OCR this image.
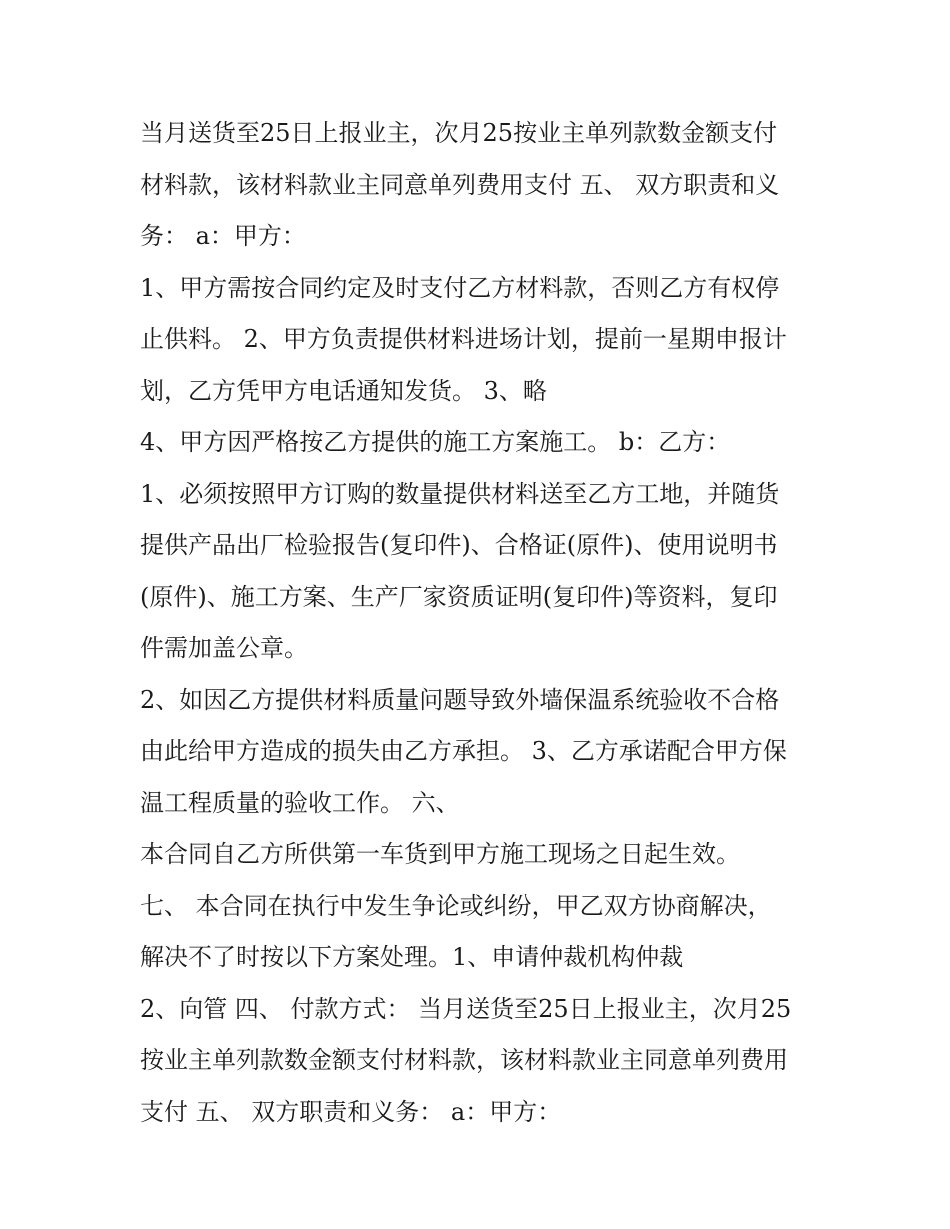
当月送货至25日上报业主，次月25按业主单列款数金额支付
材料款，该材料款业主同意单列费用支付 五、 双方职责和义
务： a：甲方：
1、甲方需按合同约定及时支付乙方材料款，否则乙方有权停
止供料。 2、甲方负责提供材料进场计划，提前一星期申报计
划，乙方凭甲方电话通知发货。 3、略
4、甲方因严格按乙方提供的施工方案施工。 b：乙方：
1、必须按照甲方订购的数量提供材料送至乙方工地，并随货
提供产品出厂检验报告(复印件)、合格证(原件)、使用说明书
(原件)、施工方案、生产厂家资质证明(复印件)等资料，复印
件需加盖公章。
2、如因乙方提供材料质量问题导致外墙保温系统验收不合格
由此给甲方造成的损失由乙方承担。 3、乙方承诺配合甲方保
温工程质量的验收工作。 六、
本合同自乙方所供第一车货到甲方施工现场之日起生效。
七、 本合同在执行中发生争论或纠纷，甲乙双方协商解决，
解决不了时按以下方案处理。1、申请仲裁机构仲裁
2、向管 四、 付款方式： 当月送货至25日上报业主，次月25
按业主单列款数金额支付材料款，该材料款业主同意单列费用
支付 五、 双方职责和义务： a：甲方：
